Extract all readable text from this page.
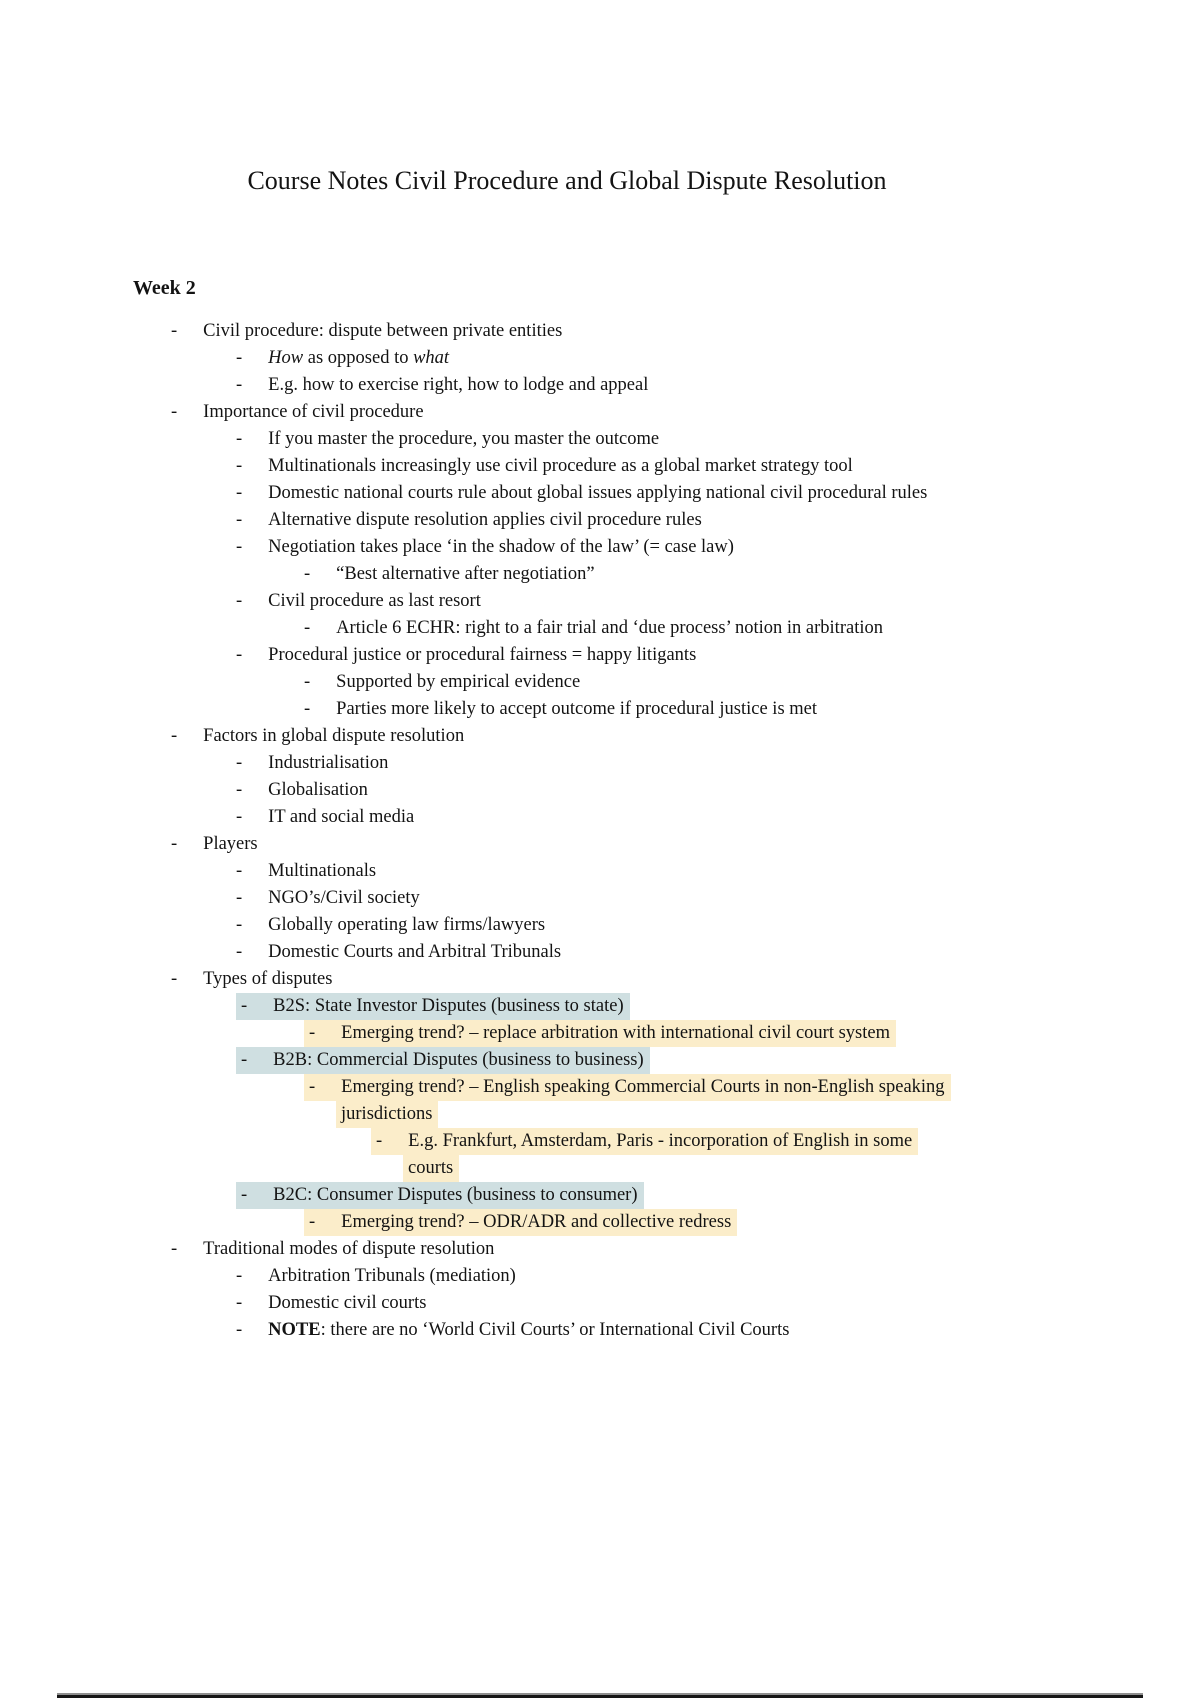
Course Notes Civil Procedure and Global Dispute Resolution
Week 2
- Civil procedure: dispute between private entities
- How as opposed to what
- E.g. how to exercise right, how to lodge and appeal
- Importance of civil procedure
- If you master the procedure, you master the outcome
- Multinationals increasingly use civil procedure as a global market strategy tool
- Domestic national courts rule about global issues applying national civil procedural rules
- Alternative dispute resolution applies civil procedure rules
- Negotiation takes place ‘in the shadow of the law’ (= case law)
- “Best alternative after negotiation”
- Civil procedure as last resort
- Article 6 ECHR: right to a fair trial and ‘due process’ notion in arbitration
- Procedural justice or procedural fairness = happy litigants
- Supported by empirical evidence
- Parties more likely to accept outcome if procedural justice is met
- Factors in global dispute resolution
- Industrialisation
- Globalisation
- IT and social media
- Players
- Multinationals
- NGO’s/Civil society
- Globally operating law firms/lawyers
- Domestic Courts and Arbitral Tribunals
- Types of disputes
- B2S: State Investor Disputes (business to state)
- Emerging trend? – replace arbitration with international civil court system
- B2B: Commercial Disputes (business to business)
- Emerging trend? – English speaking Commercial Courts in non-English speaking
jurisdictions
- E.g. Frankfurt, Amsterdam, Paris - incorporation of English in some
courts
- B2C: Consumer Disputes (business to consumer)
- Emerging trend? – ODR/ADR and collective redress
- Traditional modes of dispute resolution
- Arbitration Tribunals (mediation)
- Domestic civil courts
- NOTE: there are no ‘World Civil Courts’ or International Civil Courts
